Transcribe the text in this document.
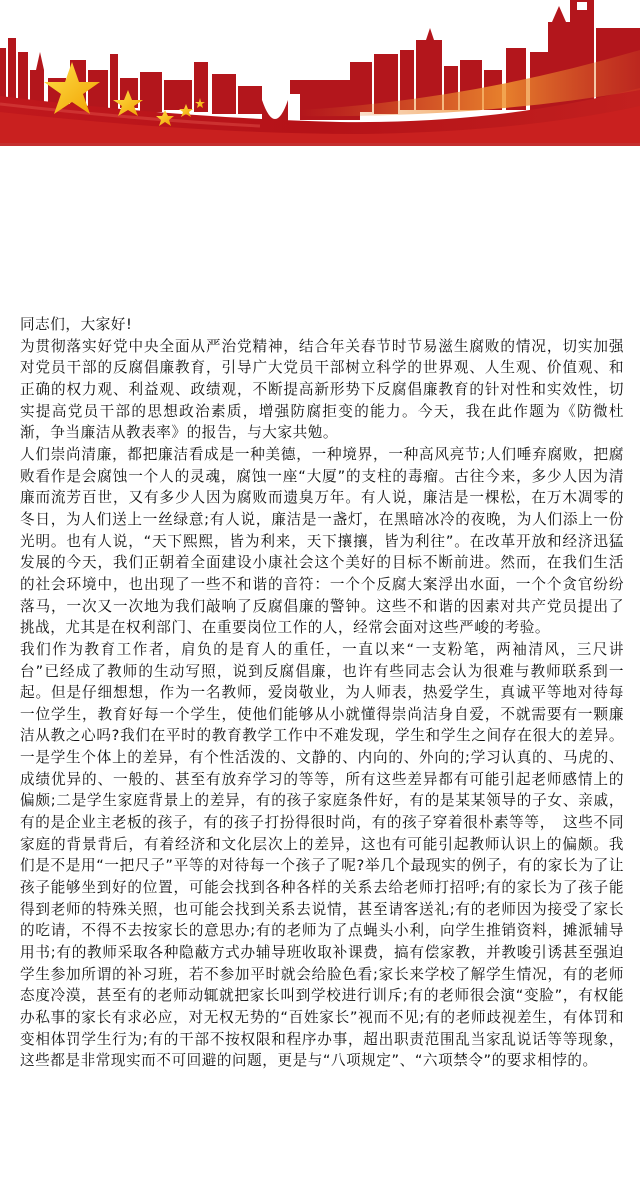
同志们，大家好!

为贯彻落实好党中央全面从严治党精神，结合年关春节时节易滋生腐败的情况，切实加强对党员干部的反腐倡廉教育，引导广大党员干部树立科学的世界观、人生观、价值观、和正确的权力观、利益观、政绩观，不断提高新形势下反腐倡廉教育的针对性和实效性，切实提高党员干部的思想政治素质，增强防腐拒变的能力。今天，我在此作题为《防微杜渐，争当廉洁从教表率》的报告，与大家共勉。

人们崇尚清廉，都把廉洁看成是一种美德，一种境界，一种高风亮节;人们唾弃腐败，把腐败看作是会腐蚀一个人的灵魂，腐蚀一座“大厦”的支柱的毒瘤。古往今来，多少人因为清廉而流芳百世，又有多少人因为腐败而遗臭万年。有人说，廉洁是一棵松，在万木凋零的冬日，为人们送上一丝绿意;有人说，廉洁是一盏灯，在黑暗冰冷的夜晚，为人们添上一份光明。也有人说，“天下熙熙，皆为利来，天下攘攘，皆为利往”。在改革开放和经济迅猛发展的今天，我们正朝着全面建设小康社会这个美好的目标不断前进。然而，在我们生活的社会环境中，也出现了一些不和谐的音符：一个个反腐大案浮出水面，一个个贪官纷纷落马，一次又一次地为我们敲响了反腐倡廉的警钟。这些不和谐的因素对共产党员提出了挑战，尤其是在权利部门、在重要岗位工作的人，经常会面对这些严峻的考验。

我们作为教育工作者，肩负的是育人的重任，一直以来“一支粉笔，两袖清风，三尺讲台”已经成了教师的生动写照，说到反腐倡廉，也许有些同志会认为很难与教师联系到一起。但是仔细想想，作为一名教师，爱岗敬业，为人师表，热爱学生，真诚平等地对待每一位学生，教育好每一个学生，使他们能够从小就懂得崇尚洁身自爱，不就需要有一颗廉洁从教之心吗?我们在平时的教育教学工作中不难发现，学生和学生之间存在很大的差异。一是学生个体上的差异，有个性活泼的、文静的、内向的、外向的;学习认真的、马虎的、成绩优异的、一般的、甚至有放弃学习的等等，所有这些差异都有可能引起老师感情上的偏颇;二是学生家庭背景上的差异，有的孩子家庭条件好，有的是某某领导的子女、亲戚，有的是企业主老板的孩子，有的孩子打扮得很时尚，有的孩子穿着很朴素等等，　这些不同家庭的背景背后，有着经济和文化层次上的差异，这也有可能引起教师认识上的偏颇。我们是不是用“一把尺子”平等的对待每一个孩子了呢?举几个最现实的例子，有的家长为了让孩子能够坐到好的位置，可能会找到各种各样的关系去给老师打招呼;有的家长为了孩子能得到老师的特殊关照，也可能会找到关系去说情，甚至请客送礼;有的老师因为接受了家长的吃请，不得不去按家长的意思办;有的老师为了点蝇头小利，向学生推销资料，摊派辅导用书;有的教师采取各种隐蔽方式办辅导班收取补课费，搞有偿家教，并教唆引诱甚至强迫学生参加所谓的补习班，若不参加平时就会给脸色看;家长来学校了解学生情况，有的老师态度冷漠，甚至有的老师动辄就把家长叫到学校进行训斥;有的老师很会演“变脸”，有权能办私事的家长有求必应，对无权无势的“百姓家长”视而不见;有的老师歧视差生，有体罚和变相体罚学生行为;有的干部不按权限和程序办事，超出职责范围乱当家乱说话等等现象，这些都是非常现实而不可回避的问题，更是与“八项规定”、“六项禁令”的要求相悖的。
